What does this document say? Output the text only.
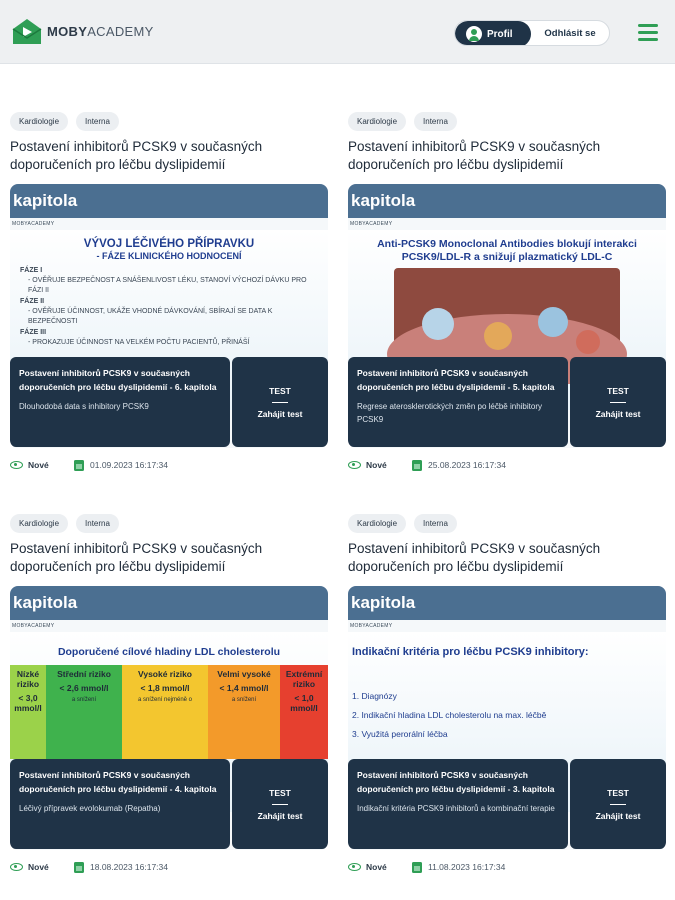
MOBYACADEMY	Profil	Odhlásit se
Kardiologie	Interna
Postavení inhibitorů PCSK9 v současných doporučeních pro léčbu dyslipidemií
kapitola
MOBYACADEMY
VÝVOJ LÉČIVÉHO PŘÍPRAVKU
- FÁZE KLINICKÉHO HODNOCENÍ
FÁZE I
- OVĚŘUJE BEZPEČNOST A SNÁŠENLIVOST LÉKU, STANOVÍ VÝCHOZÍ DÁVKU PRO FÁZI II
FÁZE II
- OVĚŘUJE ÚČINNOST, UKÁŽE VHODNÉ DÁVKOVÁNÍ, SBÍRAJÍ SE DATA K BEZPEČNOSTI
FÁZE III
- PROKAZUJE ÚČINNOST NA VELKÉM POČTU PACIENTŮ, PŘINÁŠÍ
Postavení inhibitorů PCSK9 v současných doporučeních pro léčbu dyslipidemií - 6. kapitola
Dlouhodobá data s inhibitory PCSK9
TEST
Zahájit test
Nové	01.09.2023 16:17:34
Kardiologie	Interna
Postavení inhibitorů PCSK9 v současných doporučeních pro léčbu dyslipidemií
kapitola
MOBYACADEMY
Anti-PCSK9 Monoclonal Antibodies blokují interakci PCSK9/LDL-R a snižují plazmatický LDL-C
Postavení inhibitorů PCSK9 v současných doporučeních pro léčbu dyslipidemií - 5. kapitola
Regrese aterosklerotických změn po léčbě inhibitory PCSK9
TEST
Zahájit test
Nové	25.08.2023 16:17:34
Kardiologie	Interna
Postavení inhibitorů PCSK9 v současných doporučeních pro léčbu dyslipidemií
kapitola
MOBYACADEMY
Doporučené cílové hladiny LDL cholesterolu
Nízké riziko
˂ 3,0 mmol/l
Střední riziko
˂ 2,6 mmol/l
a snížení
Vysoké riziko
˂ 1,8 mmol/l
a snížení nejméně o
Velmi vysoké
˂ 1,4 mmol/l
a snížení
Extrémní riziko
˂ 1,0 mmol/l
Postavení inhibitorů PCSK9 v současných doporučeních pro léčbu dyslipidemií - 4. kapitola
Léčivý přípravek evolokumab (Repatha)
TEST
Zahájit test
Nové	18.08.2023 16:17:34
Kardiologie	Interna
Postavení inhibitorů PCSK9 v současných doporučeních pro léčbu dyslipidemií
kapitola
MOBYACADEMY
Indikační kritéria pro léčbu PCSK9 inhibitory:
1. Diagnózy
2. Indikační hladina LDL cholesterolu na max. léčbě
3. Využitá perorální léčba
Postavení inhibitorů PCSK9 v současných doporučeních pro léčbu dyslipidemií - 3. kapitola
Indikační kritéria PCSK9 inhibitorů a kombinační terapie
TEST
Zahájit test
Nové	11.08.2023 16:17:34
